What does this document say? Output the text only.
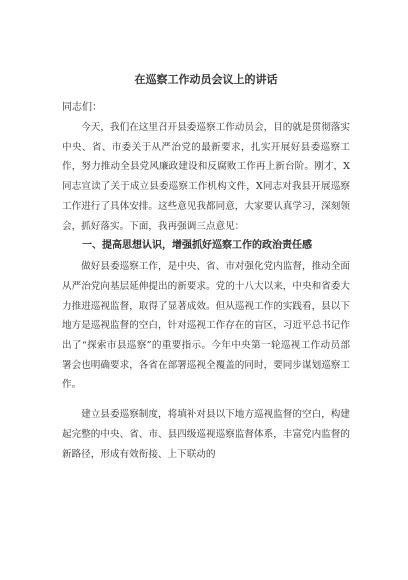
在巡察工作动员会议上的讲话

同志们：

今天，我们在这里召开县委巡察工作动员会，目的就是贯彻落实中央、省、市委关于从严治党的最新要求，扎实开展好县委巡察工作，努力推动全县党风廉政建设和反腐败工作再上新台阶。刚才，X同志宣读了关于成立县委巡察工作机构文件，X同志对我县开展巡察工作进行了具体安排。这些意见我都同意，大家要认真学习，深刻领会，抓好落实。下面，我再强调三点意见：

一、提高思想认识，增强抓好巡察工作的政治责任感

做好县委巡察工作，是中央、省、市对强化党内监督，推动全面从严治党向基层延伸提出的新要求。党的十八大以来，中央和省委大力推进巡视监督，取得了显著成效。但从巡视工作的实践看，县以下地方是巡视监督的空白，针对巡视工作存在的盲区，习近平总书记作出了“探索市县巡察”的重要指示。今年中央第一轮巡视工作动员部署会也明确要求，各省在部署巡视全覆盖的同时，要同步谋划巡察工作。

建立县委巡察制度，将填补对县以下地方巡视监督的空白，构建起完整的中央、省、市、县四级巡视巡察监督体系，丰富党内监督的新路径，形成有效衔接、上下联动的
